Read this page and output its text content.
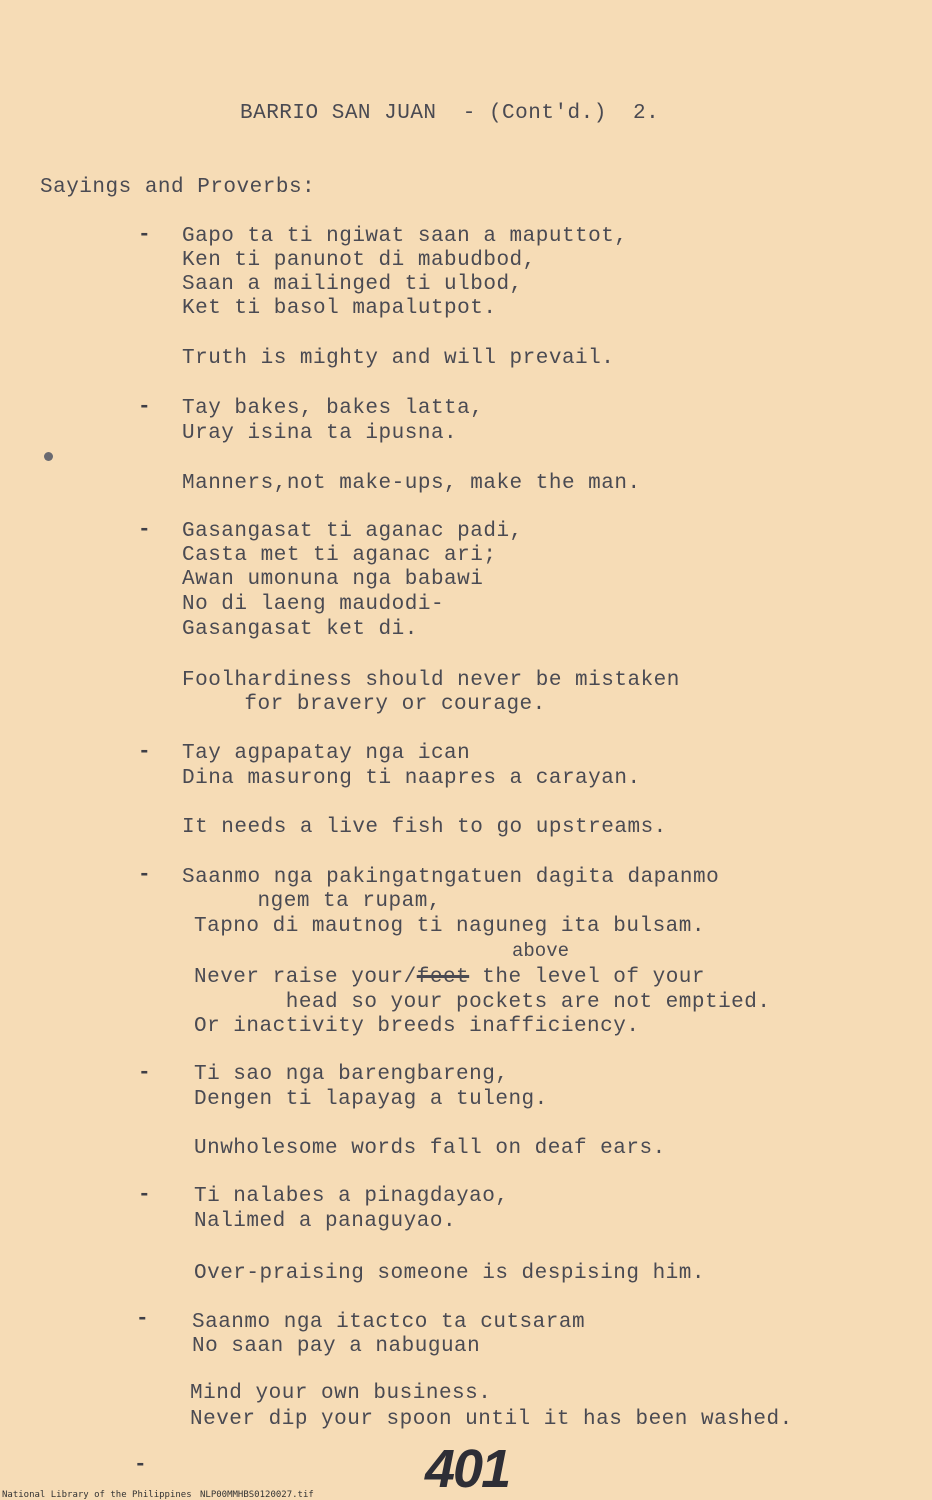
BARRIO SAN JUAN  - (Cont'd.)  2.
Sayings and Proverbs:
- Gapo ta ti ngiwat saan a maputtot,
Ken ti panunot di mabudbod,
Saan a mailinged ti ulbod,
Ket ti basol mapalutpot.
Truth is mighty and will prevail.
- Tay bakes, bakes latta,
Uray isina ta ipusna.
Manners,not make-ups, make the man.
- Gasangasat ti aganac padi,
Casta met ti aganac ari;
Awan umonuna nga babawi
No di laeng maudodi-
Gasangasat ket di.
Foolhardiness should never be mistaken
for bravery or courage.
- Tay agpapatay nga ican
Dina masurong ti naapres a carayan.
It needs a live fish to go upstreams.
- Saanmo nga pakingatngatuen dagita dapanmo
ngem ta rupam,
Tapno di mautnog ti naguneg ita bulsam.
above
Never raise your/feet the level of your
head so your pockets are not emptied.
Or inactivity breeds inafficiency.
- Ti sao nga barengbareng,
Dengen ti lapayag a tuleng.
Unwholesome words fall on deaf ears.
- Ti nalabes a pinagdayao,
Nalimed a panaguyao.
Over-praising someone is despising him.
- Saanmo nga itactco ta cutsaram
No saan pay a nabuguan
Mind your own business.
Never dip your spoon until it has been washed.
-	401
National Library of the Philippines NLP00MMHBS0120027.tif
